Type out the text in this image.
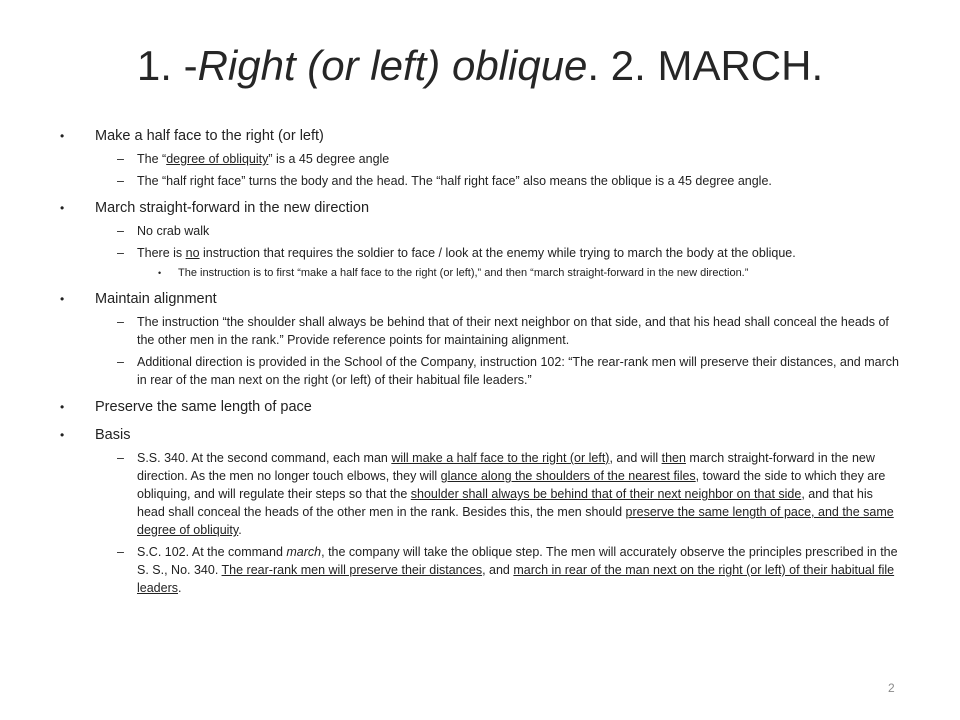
1. -Right (or left) oblique. 2. MARCH.
• Make a half face to the right (or left)
– The “degree of obliquity” is a 45 degree angle
– The “half right face” turns the body and the head. The “half right face” also means the oblique is a 45 degree angle.
• March straight-forward in the new direction
– No crab walk
– There is no instruction that requires the soldier to face / look at the enemy while trying to march the body at the oblique.
• The instruction is to first “make a half face to the right (or left),” and then “march straight-forward in the new direction.”
• Maintain alignment
– The instruction “the shoulder shall always be behind that of their next neighbor on that side, and that his head shall conceal the heads of the other men in the rank.” Provide reference points for maintaining alignment.
– Additional direction is provided in the School of the Company, instruction 102: “The rear-rank men will preserve their distances, and march in rear of the man next on the right (or left) of their habitual file leaders.”
• Preserve the same length of pace
• Basis
– S.S. 340. At the second command, each man will make a half face to the right (or left), and will then march straight-forward in the new direction. As the men no longer touch elbows, they will glance along the shoulders of the nearest files, toward the side to which they are obliquing, and will regulate their steps so that the shoulder shall always be behind that of their next neighbor on that side, and that his head shall conceal the heads of the other men in the rank. Besides this, the men should preserve the same length of pace, and the same degree of obliquity.
– S.C. 102. At the command march, the company will take the oblique step. The men will accurately observe the principles prescribed in the S. S., No. 340. The rear-rank men will preserve their distances, and march in rear of the man next on the right (or left) of their habitual file leaders.
2
